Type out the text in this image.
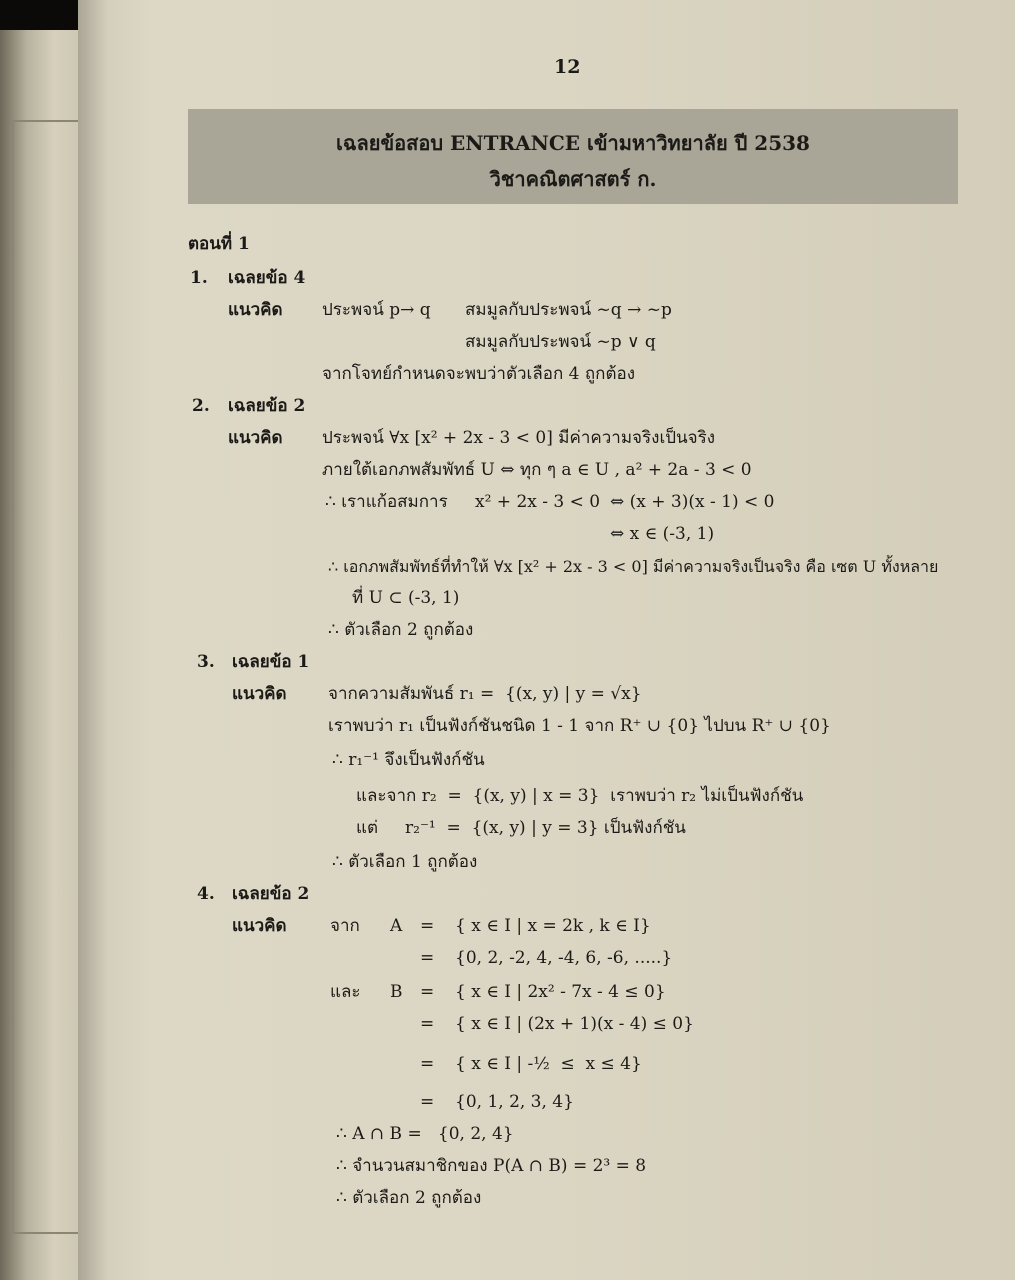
12
เฉลยข้อสอบ ENTRANCE เข้ามหาวิทยาลัย ปี 2538
วิชาคณิตศาสตร์ ก.
ตอนที่ 1
1. เฉลยข้อ 4
แนวคิด ประพจน์ p→ q สมมูลกับประพจน์ ~q → ~p
สมมูลกับประพจน์ ~p ∨ q
จากโจทย์กำหนดจะพบว่าตัวเลือก 4 ถูกต้อง
2. เฉลยข้อ 2
แนวคิด ประพจน์ ∀x [x² + 2x - 3 < 0] มีค่าความจริงเป็นจริง
ภายใต้เอกภพสัมพัทธ์ U ⇔ ทุก ๆ a ∈ U , a² + 2a - 3 < 0
∴ เราแก้อสมการ x² + 2x - 3 < 0 ⇔ (x + 3)(x - 1) < 0
⇔ x ∈ (-3, 1)
∴ เอกภพสัมพัทธ์ที่ทำให้ ∀x [x² + 2x - 3 < 0] มีค่าความจริงเป็นจริง คือ เซต U ทั้งหลาย
ที่ U ⊂ (-3, 1)
∴ ตัวเลือก 2 ถูกต้อง
3. เฉลยข้อ 1
แนวคิด จากความสัมพันธ์ r₁ =  {(x, y) | y = √x}
เราพบว่า r₁ เป็นฟังก์ชันชนิด 1 - 1 จาก R⁺ ∪ {0} ไปบน R⁺ ∪ {0}
∴ r₁⁻¹ จึงเป็นฟังก์ชัน
และจาก r₂  =  {(x, y) | x = 3}  เราพบว่า r₂ ไม่เป็นฟังก์ชัน
แต่     r₂⁻¹  =  {(x, y) | y = 3} เป็นฟังก์ชัน
∴ ตัวเลือก 1 ถูกต้อง
4. เฉลยข้อ 2
แนวคิด	จาก A = { x ∈ I | x = 2k , k ∈ I}
= {0, 2, -2, 4, -4, 6, -6, .....}
และ B = { x ∈ I | 2x² - 7x - 4 ≤ 0}
= { x ∈ I | (2x + 1)(x - 4) ≤ 0}
= { x ∈ I | -½  ≤  x ≤ 4}
= {0, 1, 2, 3, 4}
∴ A ∩ B =   {0, 2, 4}
∴ จำนวนสมาชิกของ P(A ∩ B) = 2³ = 8
∴ ตัวเลือก 2 ถูกต้อง
